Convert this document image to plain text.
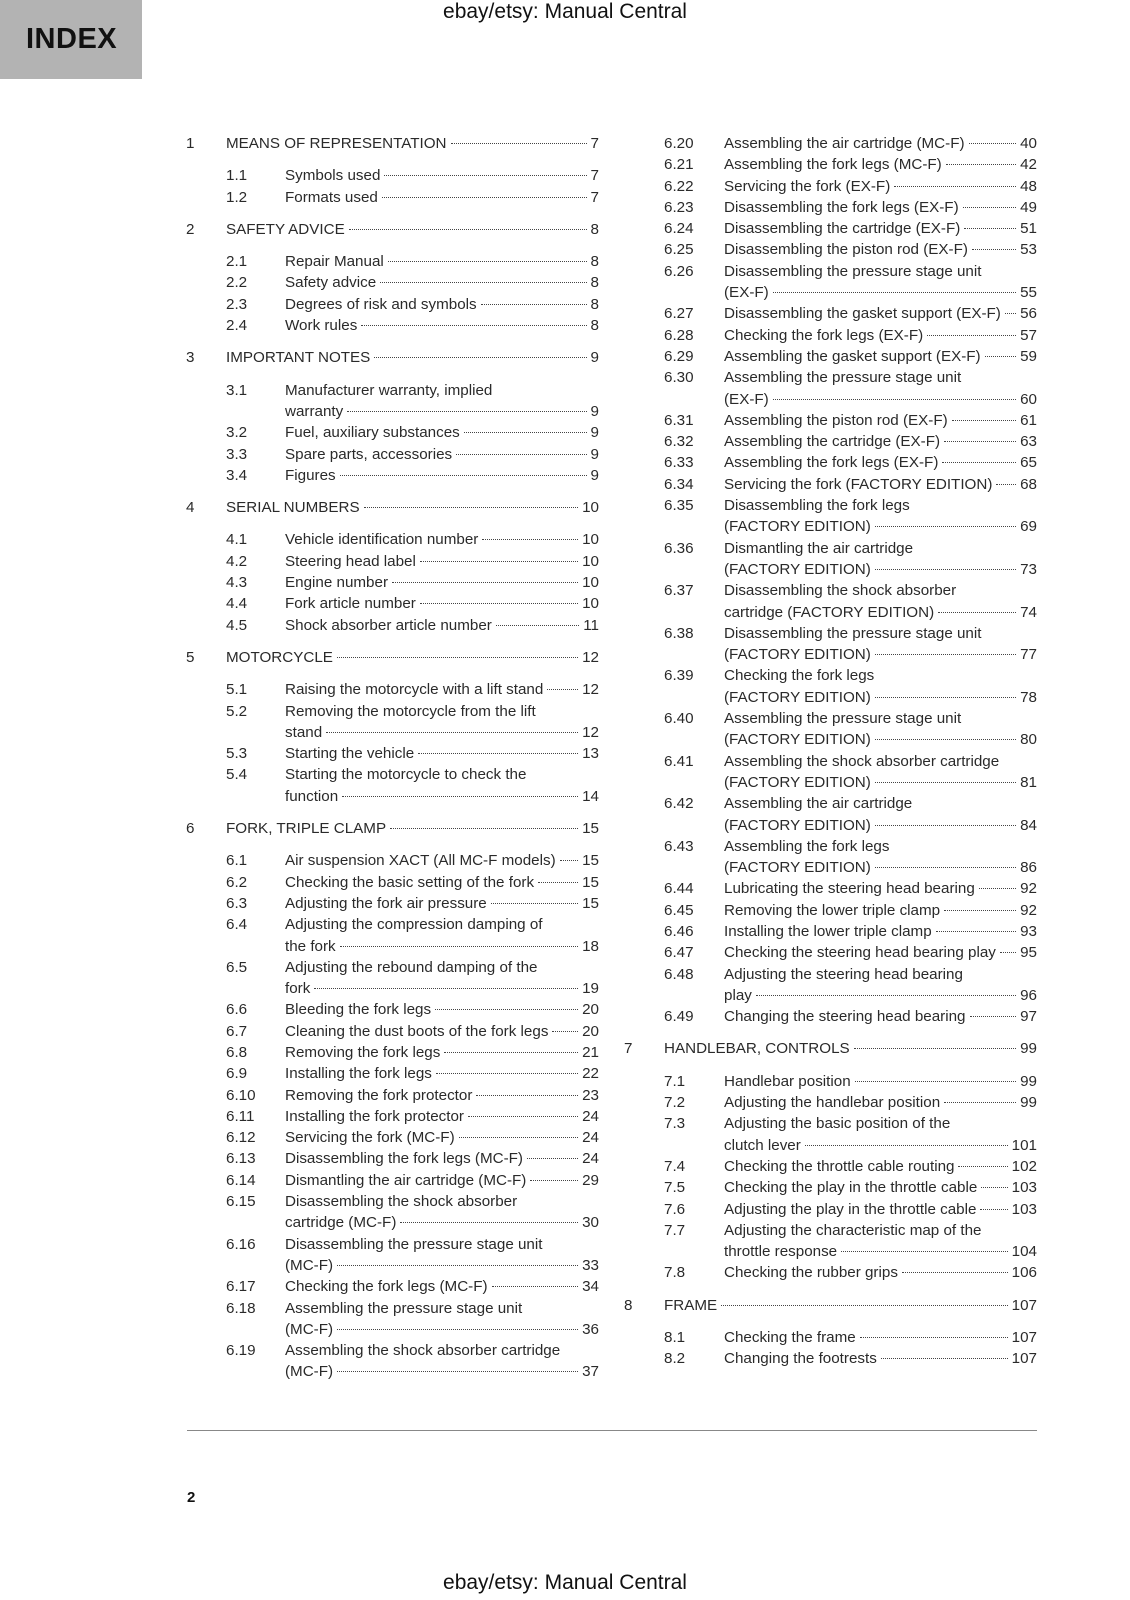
INDEX
ebay/etsy: Manual Central
1 MEANS OF REPRESENTATION	7
1.1 Symbols used	7
1.2 Formats used	7
2 SAFETY ADVICE	8
2.1 Repair Manual	8
2.2 Safety advice	8
2.3 Degrees of risk and symbols	8
2.4 Work rules	8
3 IMPORTANT NOTES	9
3.1 Manufacturer warranty, implied
warranty	9
3.2 Fuel, auxiliary substances	9
3.3 Spare parts, accessories	9
3.4 Figures	9
4 SERIAL NUMBERS	10
4.1 Vehicle identification number	10
4.2 Steering head label	10
4.3 Engine number	10
4.4 Fork article number	10
4.5 Shock absorber article number	11
5 MOTORCYCLE	12
5.1 Raising the motorcycle with a lift stand	12
5.2 Removing the motorcycle from the lift
stand	12
5.3 Starting the vehicle	13
5.4 Starting the motorcycle to check the
function	14
6 FORK, TRIPLE CLAMP	15
6.1 Air suspension XACT (All MC-F models) 15
6.2 Checking the basic setting of the fork	15
6.3 Adjusting the fork air pressure	15
6.4 Adjusting the compression damping of
the fork	18
6.5 Adjusting the rebound damping of the
fork	19
6.6 Bleeding the fork legs	20
6.7 Cleaning the dust boots of the fork legs 20
6.8 Removing the fork legs	21
6.9 Installing the fork legs	22
6.10 Removing the fork protector	23
6.11 Installing the fork protector	24
6.12 Servicing the fork (MC-F)	24
6.13 Disassembling the fork legs (MC-F)	24
6.14 Dismantling the air cartridge (MC-F)	29
6.15 Disassembling the shock absorber
cartridge (MC-F)	30
6.16 Disassembling the pressure stage unit
(MC-F)	33
6.17 Checking the fork legs (MC-F)	34
6.18 Assembling the pressure stage unit
(MC-F)	36
6.19 Assembling the shock absorber cartridge
(MC-F)	37
6.20 Assembling the air cartridge (MC-F)	40
6.21 Assembling the fork legs (MC-F)	42
6.22 Servicing the fork (EX-F)	48
6.23 Disassembling the fork legs (EX-F)	49
6.24 Disassembling the cartridge (EX-F)	51
6.25 Disassembling the piston rod (EX-F)	53
6.26 Disassembling the pressure stage unit
(EX-F)	55
6.27 Disassembling the gasket support (EX-F) 56
6.28 Checking the fork legs (EX-F)	57
6.29 Assembling the gasket support (EX-F)	59
6.30 Assembling the pressure stage unit
(EX-F)	60
6.31 Assembling the piston rod (EX-F)	61
6.32 Assembling the cartridge (EX-F)	63
6.33 Assembling the fork legs (EX-F)	65
6.34 Servicing the fork (FACTORY EDITION) 68
6.35 Disassembling the fork legs
(FACTORY EDITION)	69
6.36 Dismantling the air cartridge
(FACTORY EDITION)	73
6.37 Disassembling the shock absorber
cartridge (FACTORY EDITION)	74
6.38 Disassembling the pressure stage unit
(FACTORY EDITION)	77
6.39 Checking the fork legs
(FACTORY EDITION)	78
6.40 Assembling the pressure stage unit
(FACTORY EDITION)	80
6.41 Assembling the shock absorber cartridge
(FACTORY EDITION)	81
6.42 Assembling the air cartridge
(FACTORY EDITION)	84
6.43 Assembling the fork legs
(FACTORY EDITION)	86
6.44 Lubricating the steering head bearing	92
6.45 Removing the lower triple clamp	92
6.46 Installing the lower triple clamp	93
6.47 Checking the steering head bearing play 95
6.48 Adjusting the steering head bearing
play	96
6.49 Changing the steering head bearing	97
7 HANDLEBAR, CONTROLS	99
7.1	Handlebar position	99
7.2	Adjusting the handlebar position	99
7.3	Adjusting the basic position of the
clutch lever	101
7.4	Checking the throttle cable routing	102
7.5	Checking the play in the throttle cable 103
7.6	Adjusting the play in the throttle cable 103
7.7	Adjusting the characteristic map of the
throttle response	104
7.8	Checking the rubber grips	106
8 FRAME	107
8.1	Checking the frame	107
8.2	Changing the footrests	107
2
ebay/etsy: Manual Central
